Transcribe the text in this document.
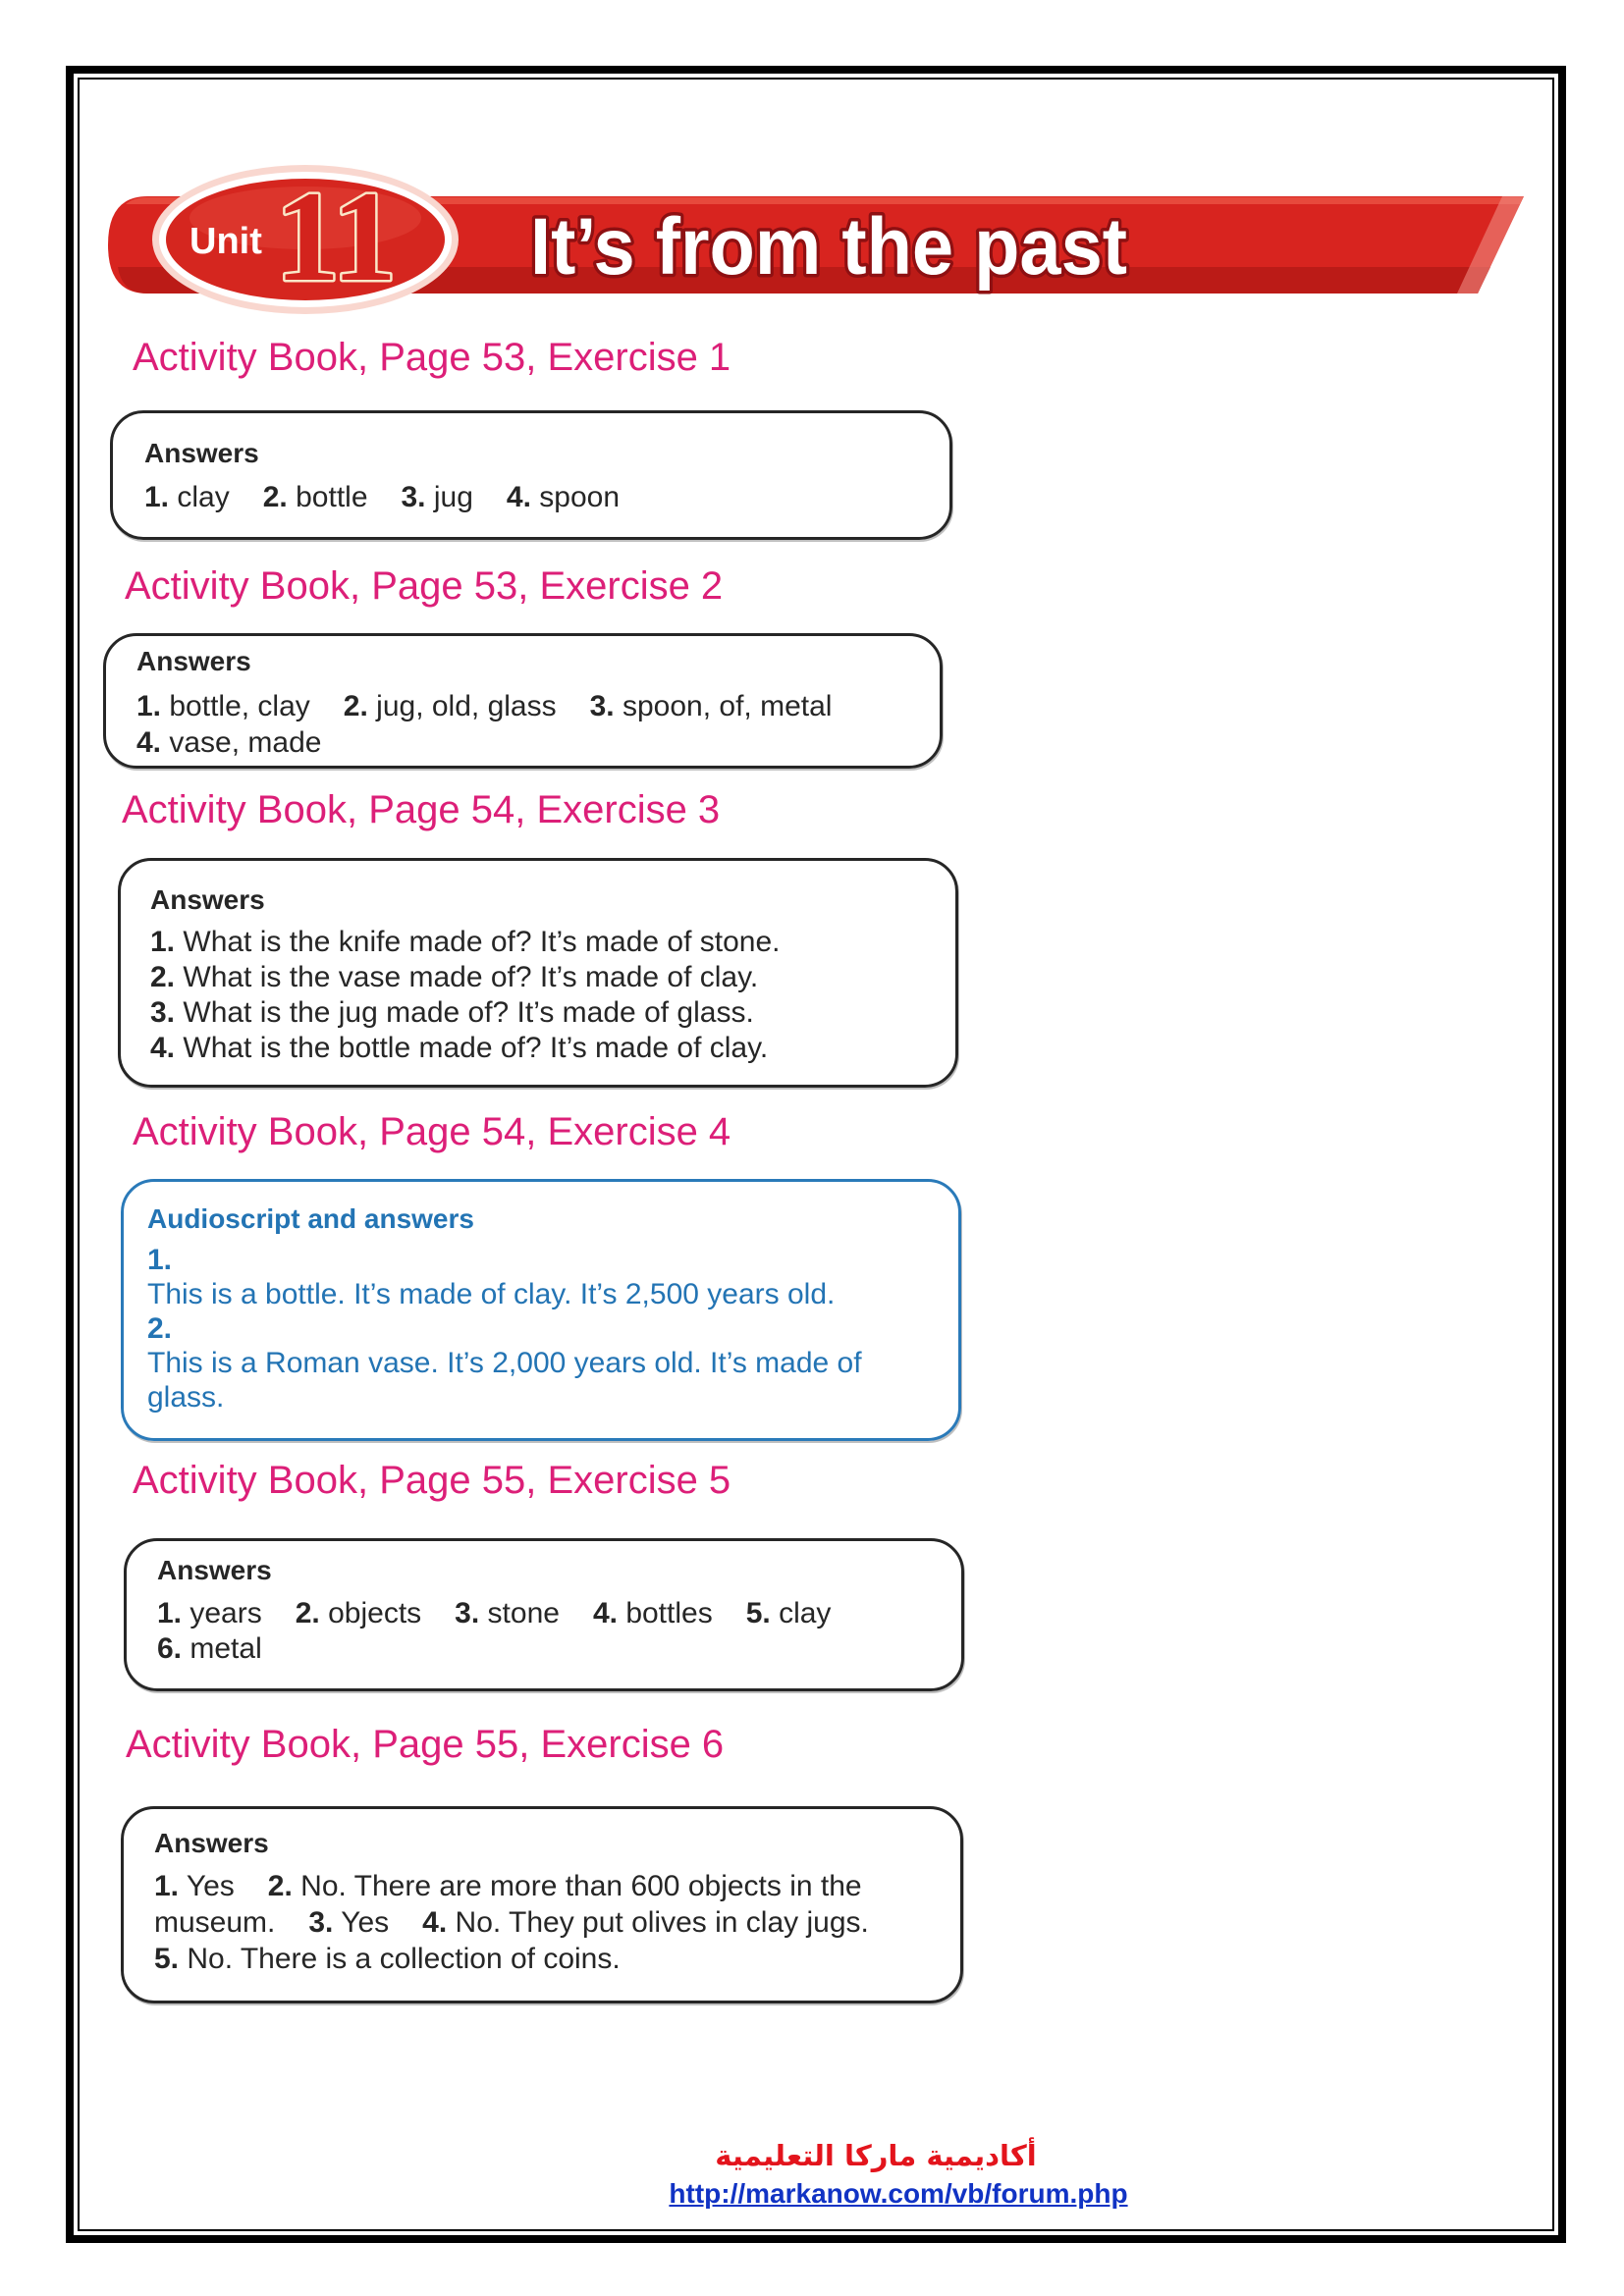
Unit 11 It’s from the past
Activity Book, Page 53, Exercise 1
Answers
1. clay 2. bottle 3. jug 4. spoon
Activity Book, Page 53, Exercise 2
Answers
1. bottle, clay 2. jug, old, glass 3. spoon, of, metal
4. vase, made
Activity Book, Page 54, Exercise 3
Answers
1. What is the knife made of? It’s made of stone.
2. What is the vase made of? It’s made of clay.
3. What is the jug made of? It’s made of glass.
4. What is the bottle made of? It’s made of clay.
Activity Book, Page 54, Exercise 4
Audioscript and answers
1.
This is a bottle. It’s made of clay. It’s 2,500 years old.
2.
This is a Roman vase. It’s 2,000 years old. It’s made of
glass.
Activity Book, Page 55, Exercise 5
Answers
1. years 2. objects 3. stone 4. bottles 5. clay
6. metal
Activity Book, Page 55, Exercise 6
Answers
1. Yes 2. No. There are more than 600 objects in the
museum. 3. Yes 4. No. They put olives in clay jugs.
5. No. There is a collection of coins.
أكاديمية ماركا التعليمية
http://markanow.com/vb/forum.php
